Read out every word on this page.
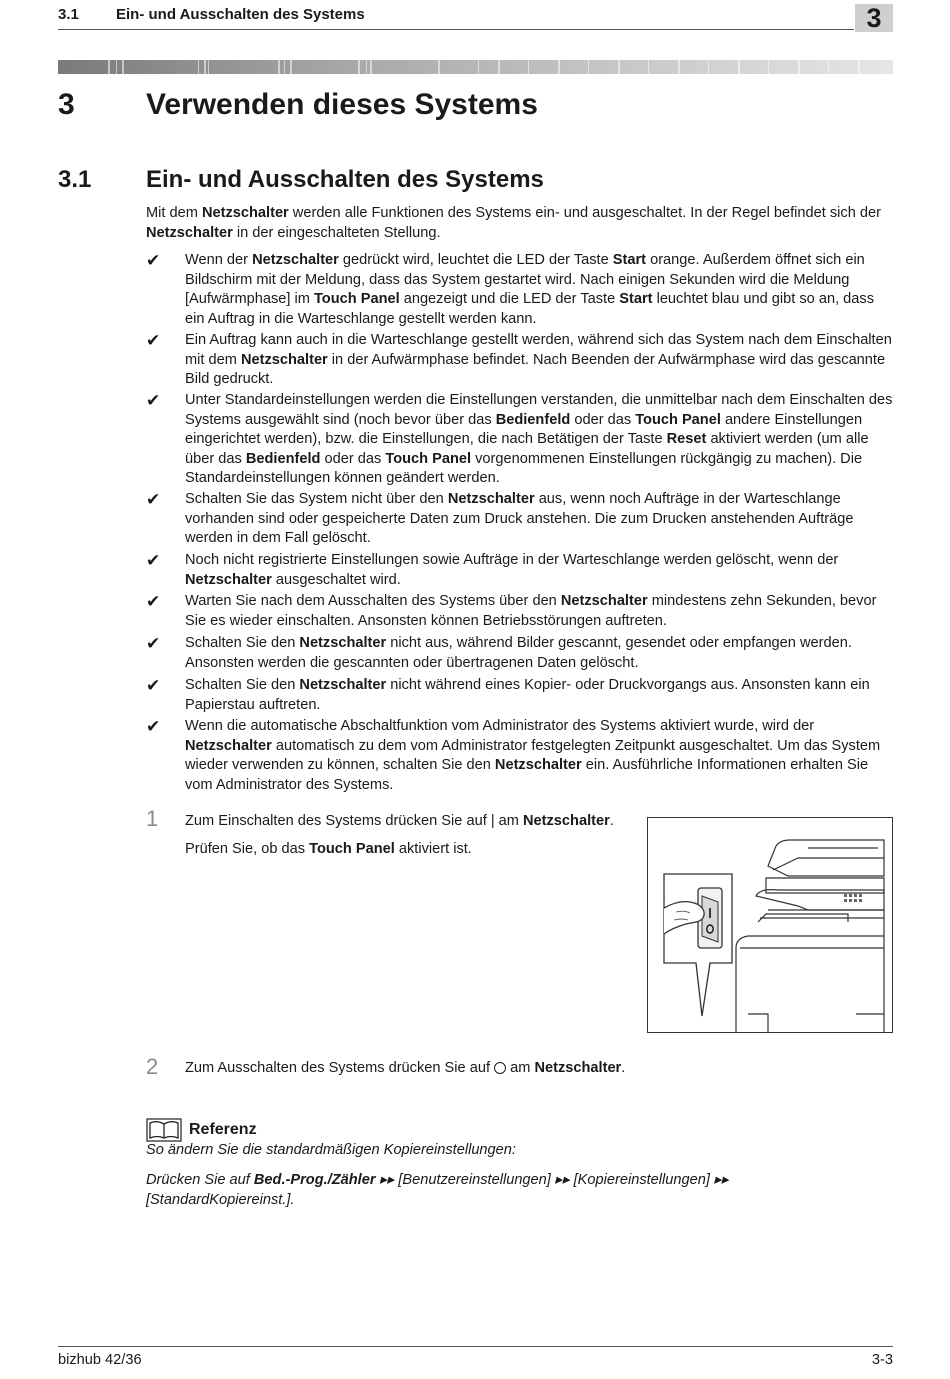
3.1 Ein- und Ausschalten des Systems	3
3 Verwenden dieses Systems
3.1 Ein- und Ausschalten des Systems
Mit dem Netzschalter werden alle Funktionen des Systems ein- und ausgeschaltet. In der Regel befindet sich der Netzschalter in der eingeschalteten Stellung.
✔ Wenn der Netzschalter gedrückt wird, leuchtet die LED der Taste Start orange. Außerdem öffnet sich ein Bildschirm mit der Meldung, dass das System gestartet wird. Nach einigen Sekunden wird die Meldung [Aufwärmphase] im Touch Panel angezeigt und die LED der Taste Start leuchtet blau und gibt so an, dass ein Auftrag in die Warteschlange gestellt werden kann.
✔ Ein Auftrag kann auch in die Warteschlange gestellt werden, während sich das System nach dem Einschalten mit dem Netzschalter in der Aufwärmphase befindet. Nach Beenden der Aufwärmphase wird das gescannte Bild gedruckt.
✔ Unter Standardeinstellungen werden die Einstellungen verstanden, die unmittelbar nach dem Einschalten des Systems ausgewählt sind (noch bevor über das Bedienfeld oder das Touch Panel andere Einstellungen eingerichtet werden), bzw. die Einstellungen, die nach Betätigen der Taste Reset aktiviert werden (um alle über das Bedienfeld oder das Touch Panel vorgenommenen Einstellungen rückgängig zu machen). Die Standardeinstellungen können geändert werden.
✔ Schalten Sie das System nicht über den Netzschalter aus, wenn noch Aufträge in der Warteschlange vorhanden sind oder gespeicherte Daten zum Druck anstehen. Die zum Drucken anstehenden Aufträge werden in dem Fall gelöscht.
✔ Noch nicht registrierte Einstellungen sowie Aufträge in der Warteschlange werden gelöscht, wenn der Netzschalter ausgeschaltet wird.
✔ Warten Sie nach dem Ausschalten des Systems über den Netzschalter mindestens zehn Sekunden, bevor Sie es wieder einschalten. Ansonsten können Betriebsstörungen auftreten.
✔ Schalten Sie den Netzschalter nicht aus, während Bilder gescannt, gesendet oder empfangen werden. Ansonsten werden die gescannten oder übertragenen Daten gelöscht.
✔ Schalten Sie den Netzschalter nicht während eines Kopier- oder Druckvorgangs aus. Ansonsten kann ein Papierstau auftreten.
✔ Wenn die automatische Abschaltfunktion vom Administrator des Systems aktiviert wurde, wird der Netzschalter automatisch zu dem vom Administrator festgelegten Zeitpunkt ausgeschaltet. Um das System wieder verwenden zu können, schalten Sie den Netzschalter ein. Ausführliche Informationen erhalten Sie vom Administrator des Systems.
1 Zum Einschalten des Systems drücken Sie auf | am Netzschalter.
Prüfen Sie, ob das Touch Panel aktiviert ist.
2 Zum Ausschalten des Systems drücken Sie auf  am Netzschalter.
Referenz
So ändern Sie die standardmäßigen Kopiereinstellungen:
Drücken Sie auf Bed.-Prog./Zähler ▸▸ [Benutzereinstellungen] ▸▸ [Kopiereinstellungen] ▸▸
[StandardKopiereinst.].
bizhub 42/36	3-3
